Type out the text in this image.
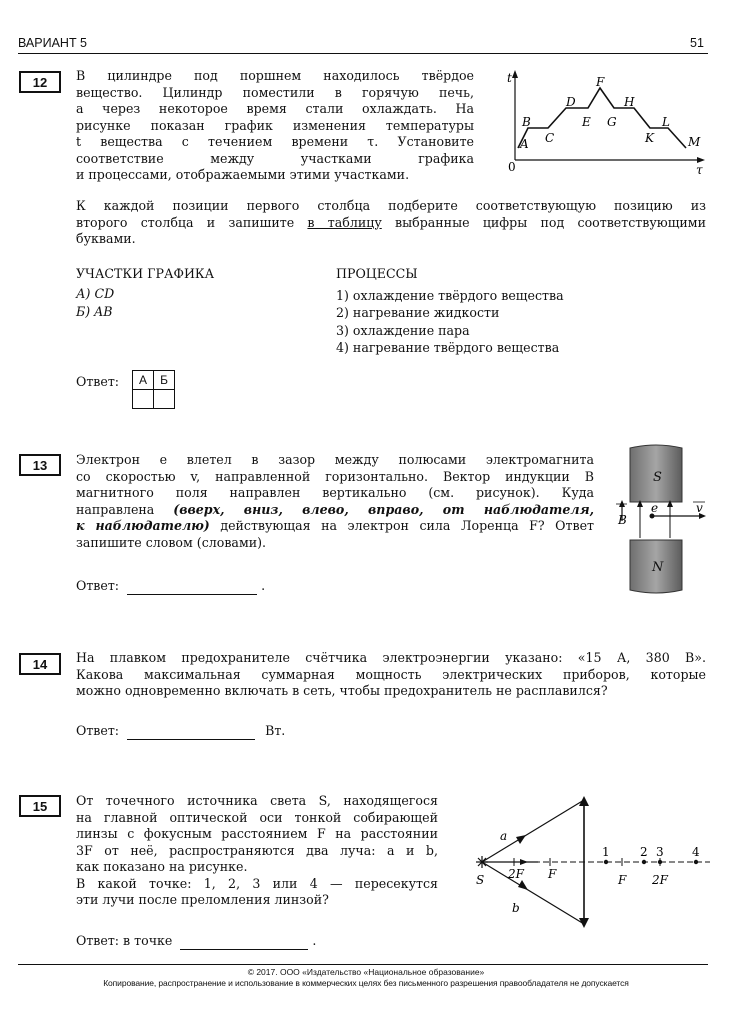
ВАРИАНТ 5	51
12	В цилиндре под поршнем находилось твёрдое

вещество. Цилиндр поместили в горячую печь,

а через некоторое время стали охлаждать. На

рисунке показан график изменения температуры

t вещества с течением времени τ. Установите

соответствие между участками графика

и процессами, отображаемыми этими участками.

t
τ
0
A
B
C
D
E
F
G
H
K
L
M

К каждой позиции первого столбца подберите соответствующую позицию из

второго столбца и запишите в таблицу выбранные цифры под соответствующими

буквами.

УЧАСТКИ ГРАФИКА

А) CD

Б) AB

ПРОЦЕССЫ

1) охлаждение твёрдого вещества

2) нагревание жидкости

3) охлаждение пара

4) нагревание твёрдого вещества

Ответ: А	Б

13	Электрон e влетел в зазор между полюсами электромагнита

со скоростью v, направленной горизонтально. Вектор индукции B

магнитного поля направлен вертикально (см. рисунок). Куда

направлена (вверх, вниз, влево, вправо, от наблюдателя,

к наблюдателю) действующая на электрон сила Лоренца F? Ответ

запишите словом (словами).

S
N
B
e	v
Ответ:	.
14	На плавком предохранителе счётчика электроэнергии указано: «15 А, 380 В».

Какова максимальная суммарная мощность электрических приборов, которые

можно одновременно включать в сеть, чтобы предохранитель не расплавился?

Ответ:	Вт.
15	От точечного источника света S, находящегося

на главной оптической оси тонкой собирающей

линзы с фокусным расстоянием F на расстоянии

3F от неё, распространяются два луча: a и b,

как показано на рисунке.

В какой точке: 1, 2, 3 или 4 — пересекутся

эти лучи после преломления линзой?

a
b
S 2F F	F 2F
1	2 3 4
Ответ: в точке	.
© 2017. ООО «Издательство «Национальное образование»
Копирование, распространение и использование в коммерческих целях без письменного разрешения правообладателя не допускается
